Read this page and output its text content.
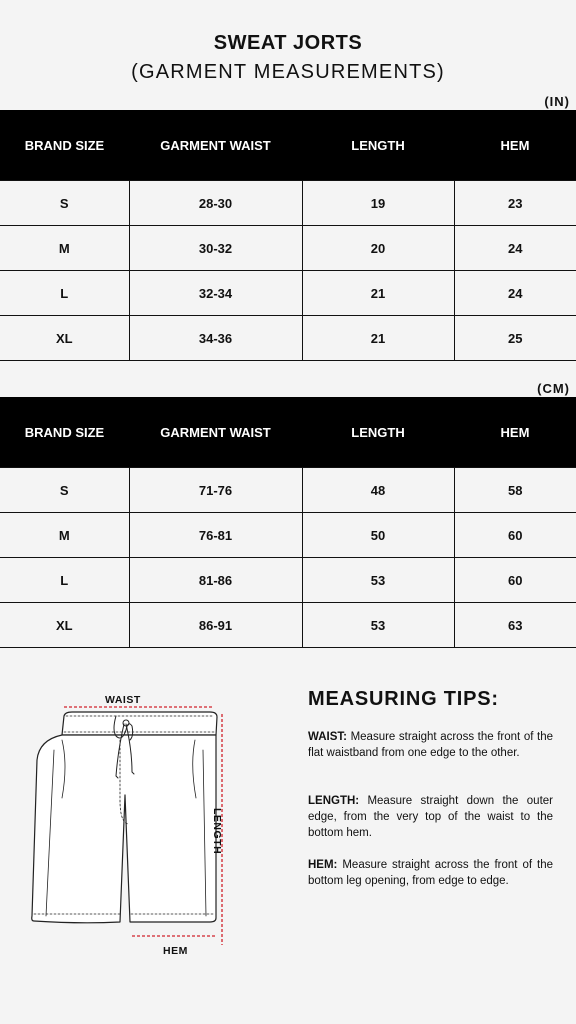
SWEAT JORTS
(GARMENT MEASUREMENTS)
(IN)
BRAND SIZE	GARMENT WAIST	LENGTH	HEM
S	28-30	19	23
M	30-32	20	24
L	32-34	21	24
XL	34-36	21	25
(CM)
BRAND SIZE	GARMENT WAIST	LENGTH	HEM
S	71-76	48	58
M	76-81	50	60
L	81-86	53	60
XL	86-91	53	63
WAIST
LENGTH
HEM
MEASURING TIPS:
WAIST: Measure straight across the front of the flat waistband from one edge to the other.
LENGTH: Measure straight down the outer edge, from the very top of the waist to the bottom hem.
HEM: Measure straight across the front of the bottom leg opening, from edge to edge.
